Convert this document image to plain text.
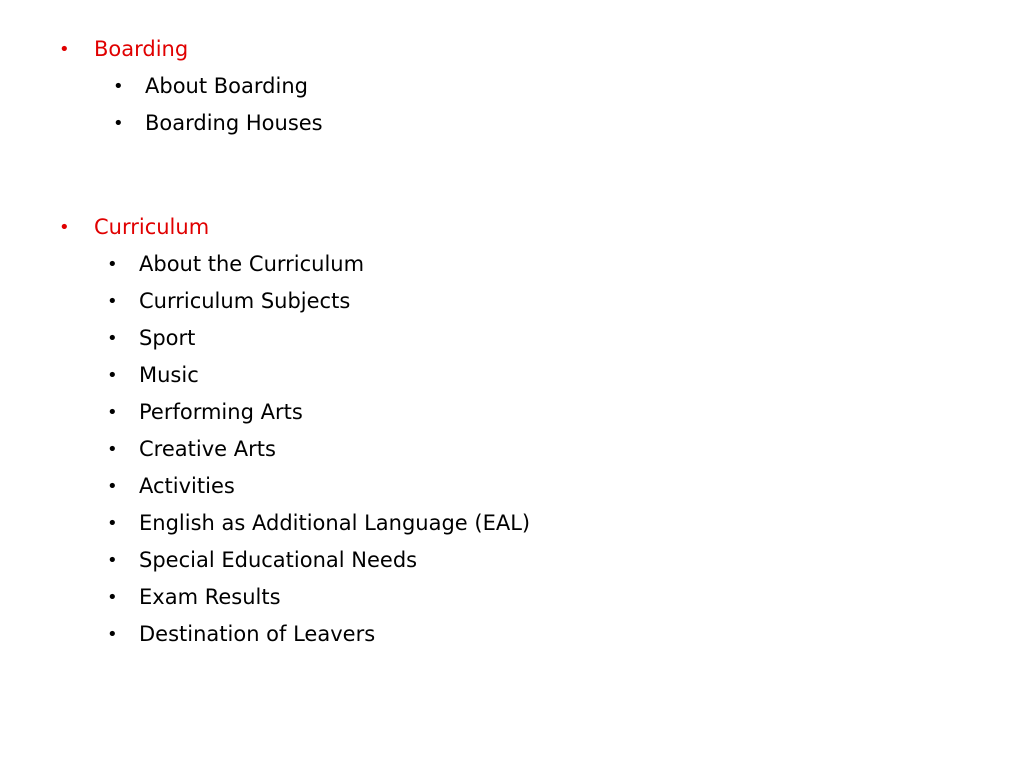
• Boarding
• About Boarding
• Boarding Houses
• Curriculum
• About the Curriculum
• Curriculum Subjects
• Sport
• Music
• Performing Arts
• Creative Arts
• Activities
• English as Additional Language (EAL)
• Special Educational Needs
• Exam Results
• Destination of Leavers
